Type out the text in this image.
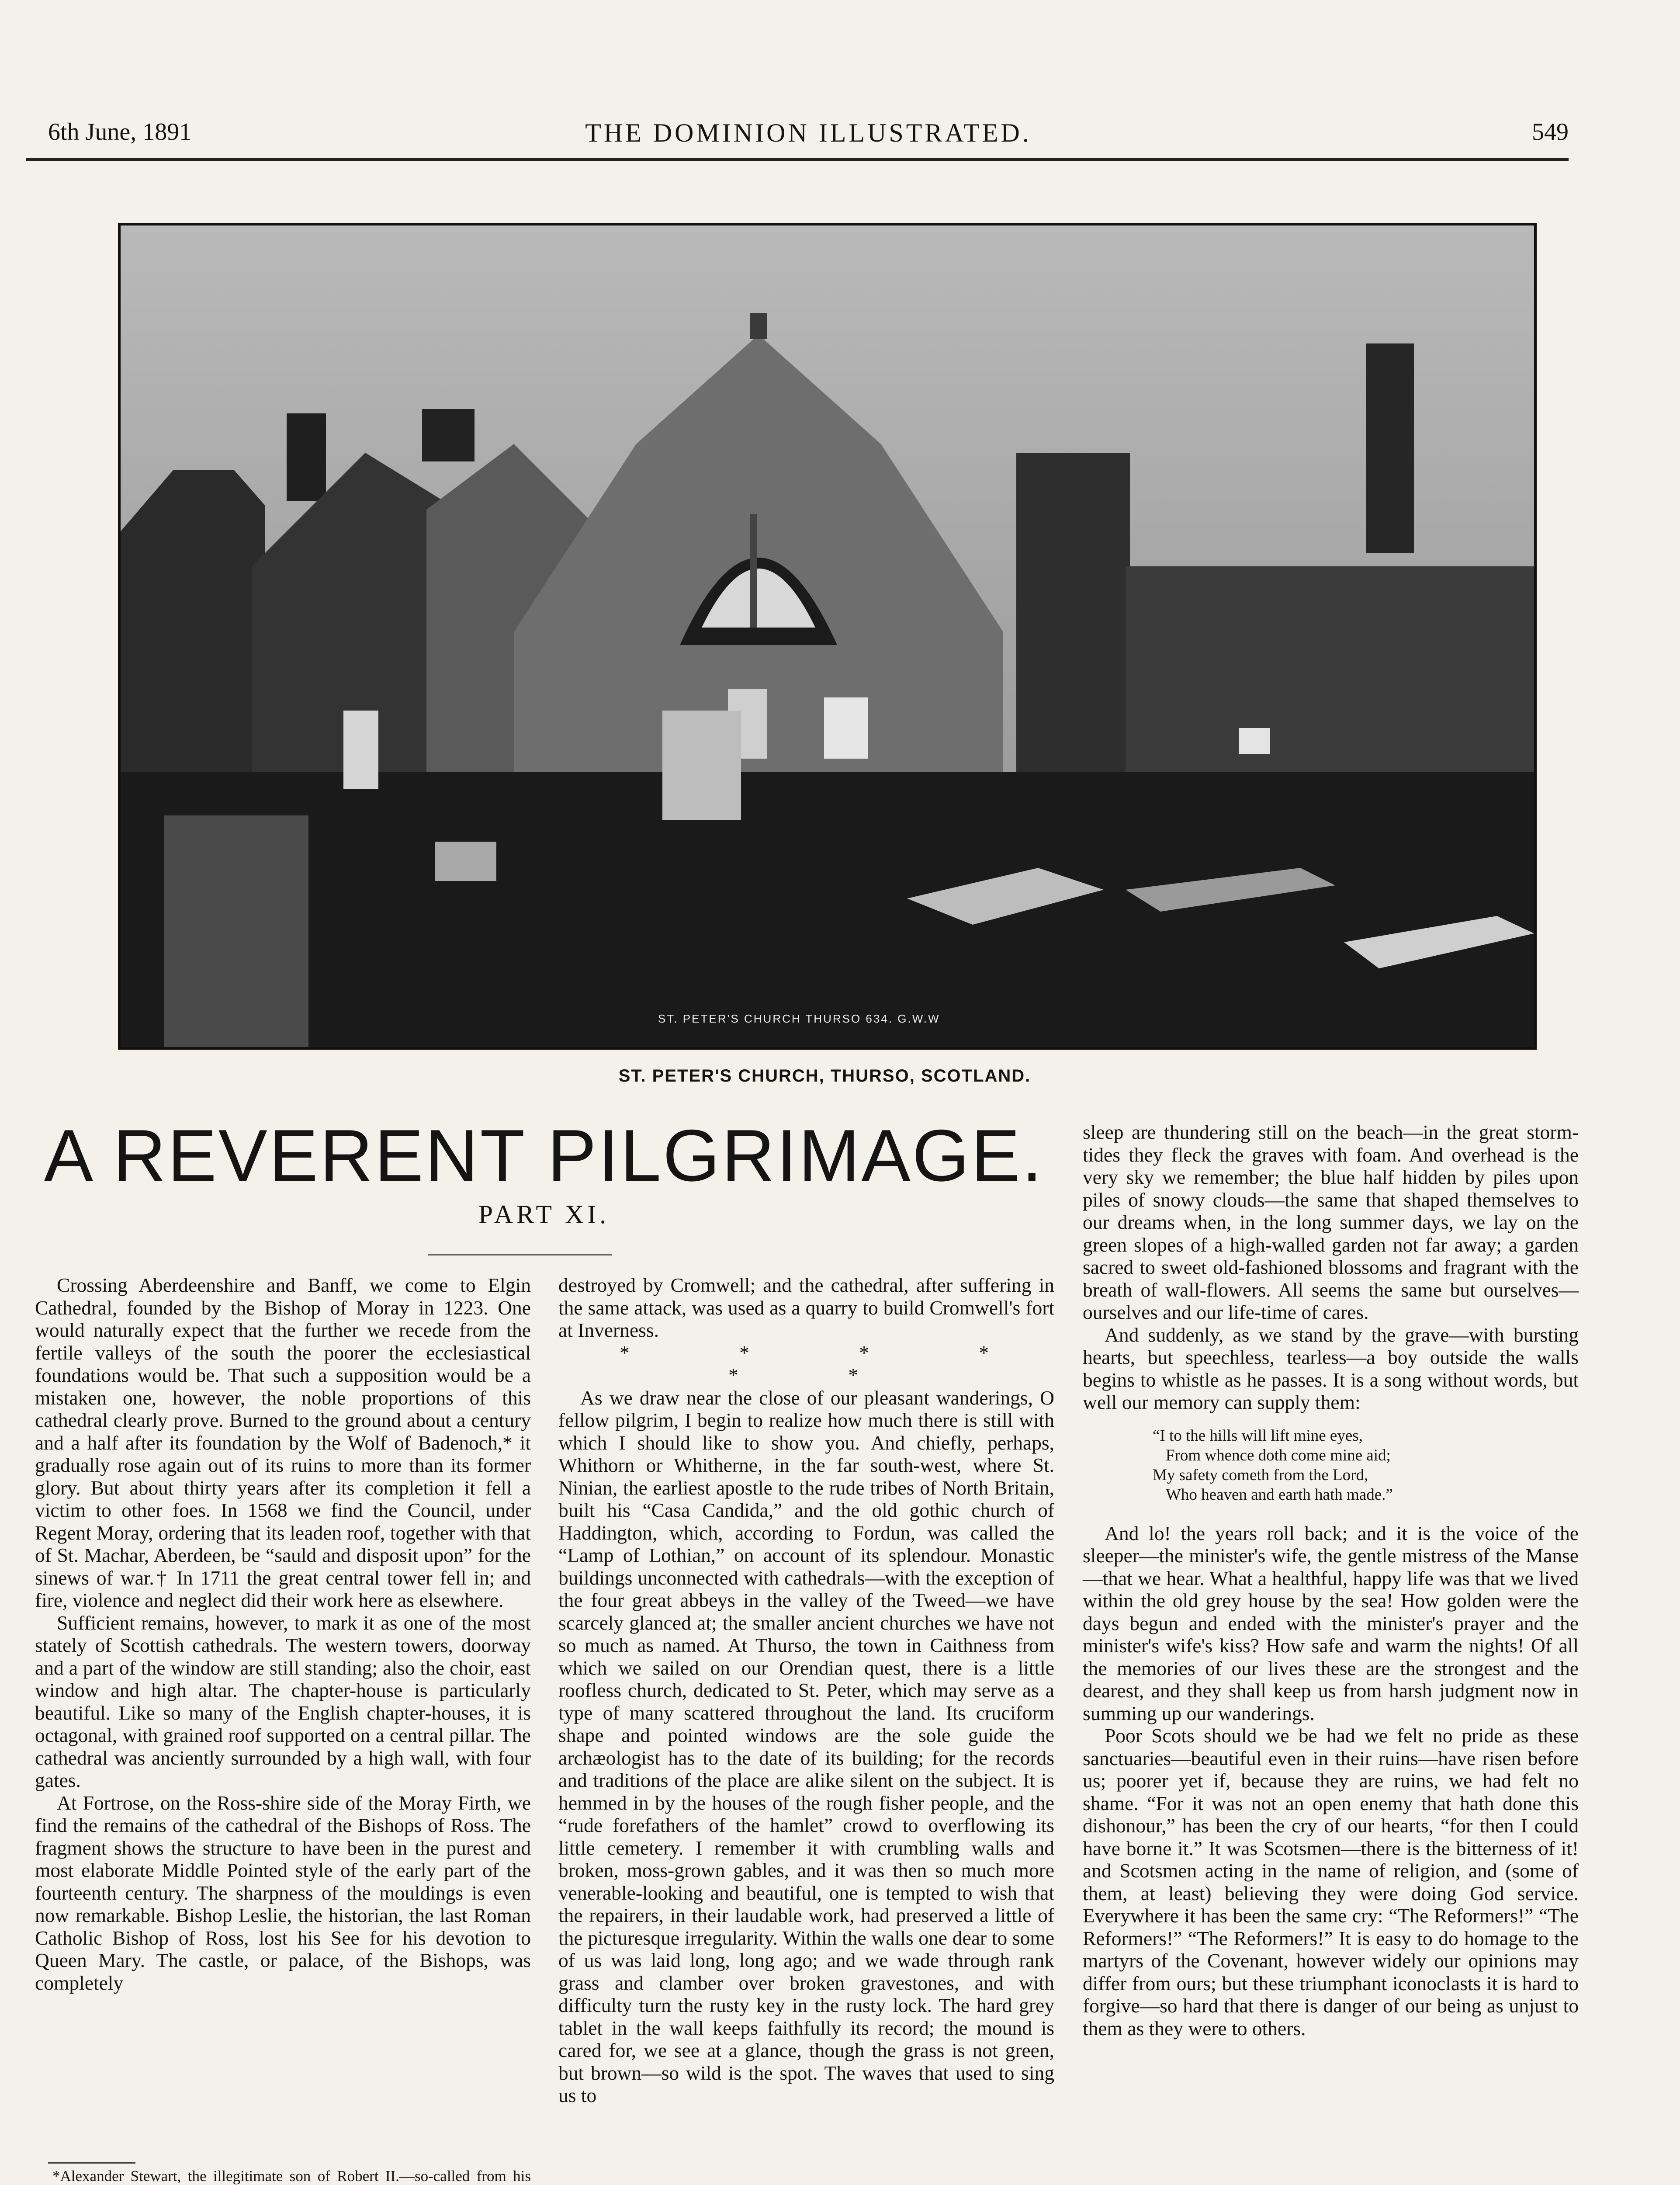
6th June, 1891	THE DOMINION ILLUSTRATED.	549
ST. PETER'S CHURCH THURSO 634. G.W.W
ST. PETER'S CHURCH, THURSO, SCOTLAND.
A REVERENT PILGRIMAGE.
PART XI.

Crossing Aberdeenshire and Banff, we come to Elgin Cathedral, founded by the Bishop of Moray in 1223. One would naturally expect that the further we recede from the fertile valleys of the south the poorer the ecclesiastical foundations would be. That such a supposition would be a mistaken one, however, the noble proportions of this cathedral clearly prove. Burned to the ground about a century and a half after its foundation by the Wolf of Badenoch,* it gradually rose again out of its ruins to more than its former glory. But about thirty years after its completion it fell a victim to other foes. In 1568 we find the Council, under Regent Moray, ordering that its leaden roof, together with that of St. Machar, Aberdeen, be “sauld and disposit upon” for the sinews of war.† In 1711 the great central tower fell in; and fire, violence and neglect did their work here as elsewhere.

Sufficient remains, however, to mark it as one of the most stately of Scottish cathedrals. The western towers, doorway and a part of the window are still standing; also the choir, east window and high altar. The chapter-house is particularly beautiful. Like so many of the English chapter-houses, it is octagonal, with grained roof supported on a central pillar. The cathedral was anciently surrounded by a high wall, with four gates.

At Fortrose, on the Ross-shire side of the Moray Firth, we find the remains of the cathedral of the Bishops of Ross. The fragment shows the structure to have been in the purest and most elaborate Middle Pointed style of the early part of the fourteenth century. The sharpness of the mouldings is even now remarkable. Bishop Leslie, the historian, the last Roman Catholic Bishop of Ross, lost his See for his devotion to Queen Mary. The castle, or palace, of the Bishops, was completely

*Alexander Stewart, the illegitimate son of Robert II.—so-called from his

destroyed by Cromwell; and the cathedral, after suffering in the same attack, was used as a quarry to build Cromwell's fort at Inverness.

* * * * * *

As we draw near the close of our pleasant wanderings, O fellow pilgrim, I begin to realize how much there is still with which I should like to show you. And chiefly, perhaps, Whithorn or Whitherne, in the far south-west, where St. Ninian, the earliest apostle to the rude tribes of North Britain, built his “Casa Candida,” and the old gothic church of Haddington, which, according to Fordun, was called the “Lamp of Lothian,” on account of its splendour. Monastic buildings unconnected with cathedrals—with the exception of the four great abbeys in the valley of the Tweed—we have scarcely glanced at; the smaller ancient churches we have not so much as named. At Thurso, the town in Caithness from which we sailed on our Orendian quest, there is a little roofless church, dedicated to St. Peter, which may serve as a type of many scattered throughout the land. Its cruciform shape and pointed windows are the sole guide the archæologist has to the date of its building; for the records and traditions of the place are alike silent on the subject. It is hemmed in by the houses of the rough fisher people, and the “rude forefathers of the hamlet” crowd to overflowing its little cemetery. I remember it with crumbling walls and broken, moss-grown gables, and it was then so much more venerable-looking and beautiful, one is tempted to wish that the repairers, in their laudable work, had preserved a little of the picturesque irregularity. Within the walls one dear to some of us was laid long, long ago; and we wade through rank grass and clamber over broken gravestones, and with difficulty turn the rusty key in the rusty lock. The hard grey tablet in the wall keeps faithfully its record; the mound is cared for, we see at a glance, though the grass is not green, but brown—so wild is the spot. The waves that used to sing us to

sleep are thundering still on the beach—in the great storm-tides they fleck the graves with foam. And overhead is the very sky we remember; the blue half hidden by piles upon piles of snowy clouds—the same that shaped themselves to our dreams when, in the long summer days, we lay on the green slopes of a high-walled garden not far away; a garden sacred to sweet old-fashioned blossoms and fragrant with the breath of wall-flowers. All seems the same but ourselves—ourselves and our life-time of cares.

And suddenly, as we stand by the grave—with bursting hearts, but speechless, tearless—a boy outside the walls begins to whistle as he passes. It is a song without words, but well our memory can supply them:

“I to the hills will lift mine eyes,
From whence doth come mine aid;
My safety cometh from the Lord,
Who heaven and earth hath made.”

And lo! the years roll back; and it is the voice of the sleeper—the minister's wife, the gentle mistress of the Manse—that we hear. What a healthful, happy life was that we lived within the old grey house by the sea! How golden were the days begun and ended with the minister's prayer and the minister's wife's kiss? How safe and warm the nights! Of all the memories of our lives these are the strongest and the dearest, and they shall keep us from harsh judgment now in summing up our wanderings.

Poor Scots should we be had we felt no pride as these sanctuaries—beautiful even in their ruins—have risen before us; poorer yet if, because they are ruins, we had felt no shame. “For it was not an open enemy that hath done this dishonour,” has been the cry of our hearts, “for then I could have borne it.” It was Scotsmen—there is the bitterness of it! and Scotsmen acting in the name of religion, and (some of them, at least) believing they were doing God service. Everywhere it has been the same cry: “The Reformers!” “The Reformers!” “The Reformers!” It is easy to do homage to the martyrs of the Covenant, however widely our opinions may differ from ours; but these triumphant iconoclasts it is hard to forgive—so hard that there is danger of our being as unjust to them as they were to others.
